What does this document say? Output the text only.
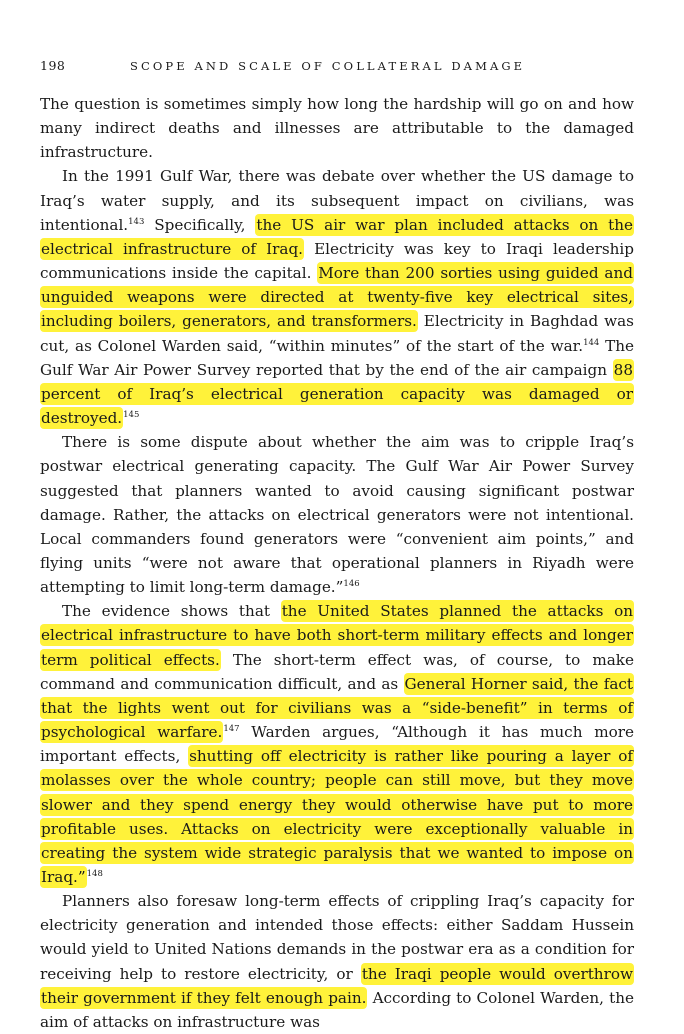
198	SCOPE AND SCALE OF COLLATERAL DAMAGE

The question is sometimes simply how long the hardship will go on and how many indirect deaths and illnesses are attributable to the damaged infrastructure.

In the 1991 Gulf War, there was debate over whether the US damage to Iraq’s water supply, and its subsequent impact on civilians, was intentional.$^{143}$ Specifically, the US air war plan included attacks on the electrical infrastructure of Iraq. Electricity was key to Iraqi leadership communications inside the capital. More than 200 sorties using guided and unguided weapons were directed at twenty-five key electrical sites, including boilers, generators, and transformers. Electricity in Baghdad was cut, as Colonel Warden said, “within minutes” of the start of the war.$^{144}$ The Gulf War Air Power Survey reported that by the end of the air campaign 88 percent of Iraq’s electrical generation capacity was damaged or destroyed.$^{145}$

There is some dispute about whether the aim was to cripple Iraq’s postwar electrical generating capacity. The Gulf War Air Power Survey suggested that planners wanted to avoid causing significant postwar damage. Rather, the attacks on electrical generators were not intentional. Local commanders found generators were “convenient aim points,” and flying units “were not aware that operational planners in Riyadh were attempting to limit long-term damage.”$^{146}$

The evidence shows that the United States planned the attacks on electrical infrastructure to have both short-term military effects and longer term political effects. The short-term effect was, of course, to make command and communication difficult, and as General Horner said, the fact that the lights went out for civilians was a “side-benefit” in terms of psychological warfare.$^{147}$ Warden argues, “Although it has much more important effects, shutting off electricity is rather like pouring a layer of molasses over the whole country; people can still move, but they move slower and they spend energy they would otherwise have put to more profitable uses. Attacks on electricity were exceptionally valuable in creating the system wide strategic paralysis that we wanted to impose on Iraq.”$^{148}$

Planners also foresaw long-term effects of crippling Iraq’s capacity for electricity generation and intended those effects: either Saddam Hussein would yield to United Nations demands in the postwar era as a condition for receiving help to restore electricity, or the Iraqi people would overthrow their government if they felt enough pain. According to Colonel Warden, the aim of attacks on infrastructure was
